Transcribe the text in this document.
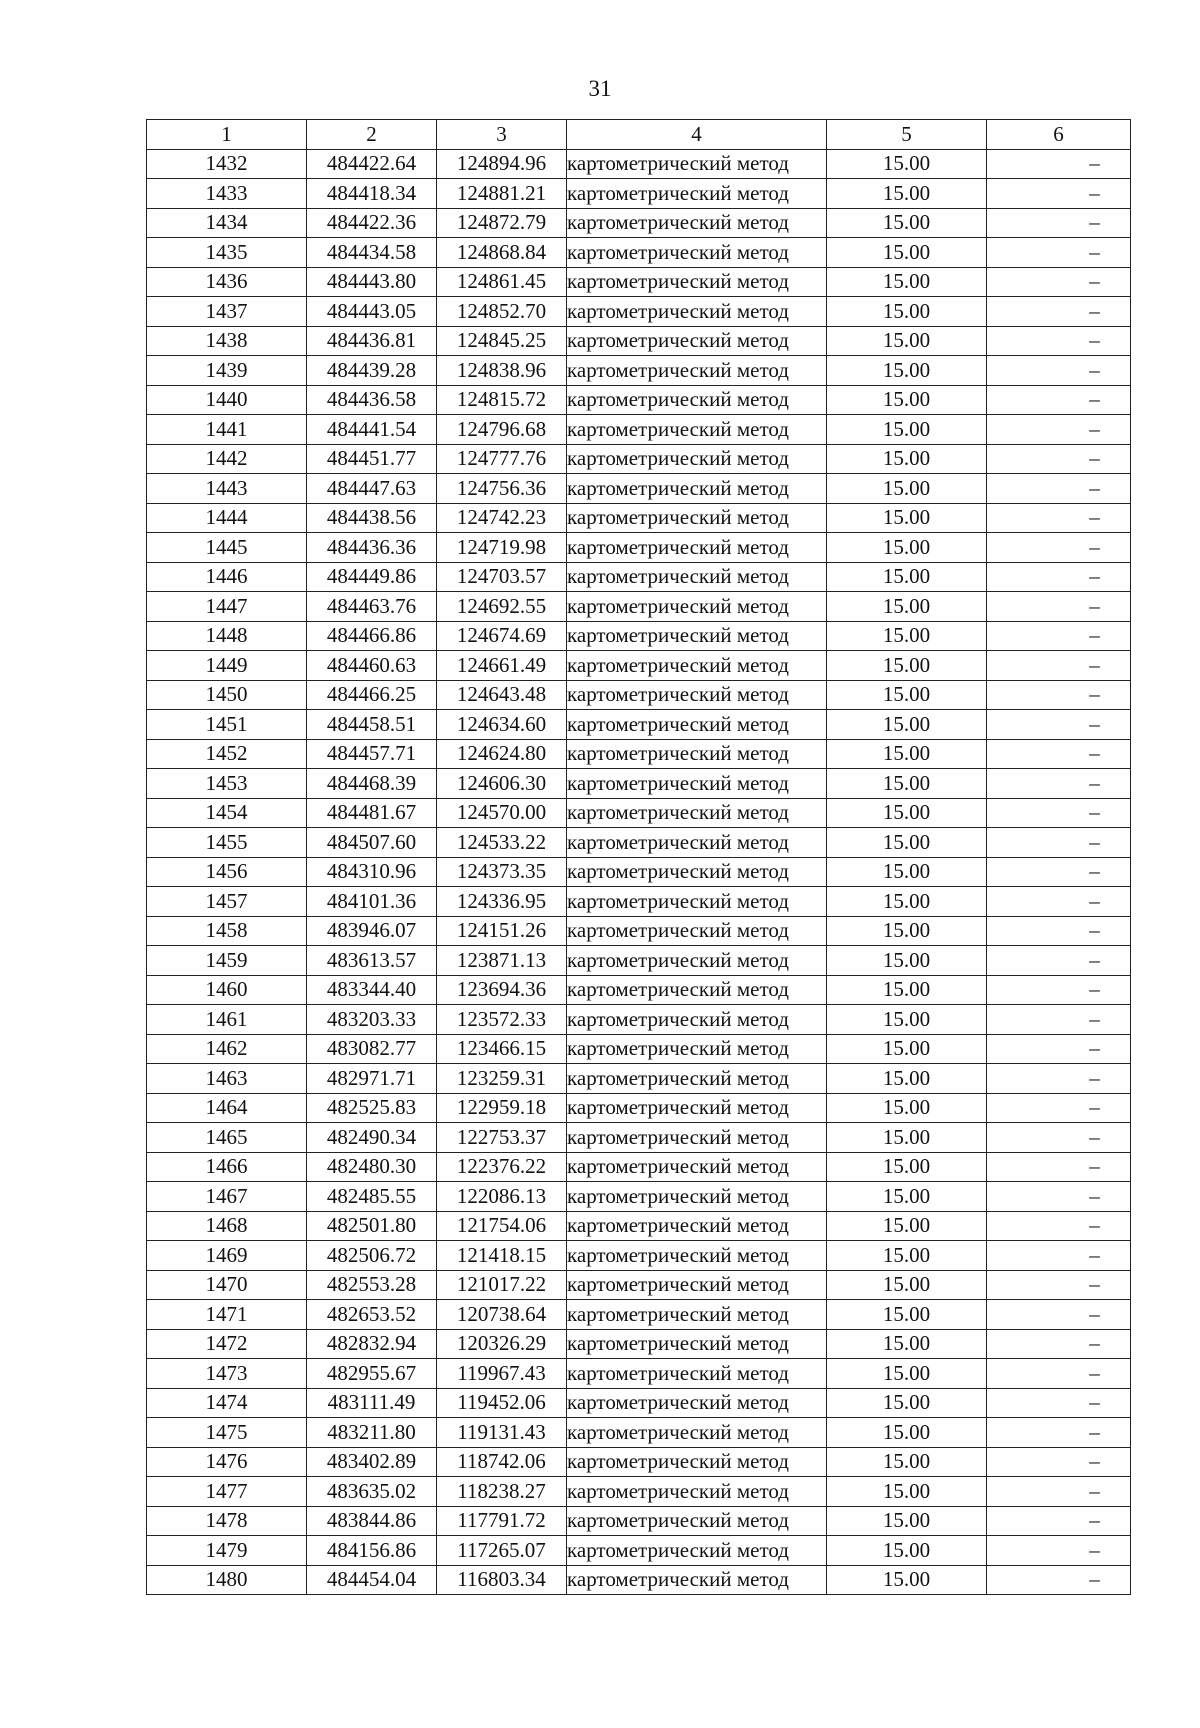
31
1	2	3	4	5	6
1432	484422.64	124894.96	картометрический метод	15.00	–
1433	484418.34	124881.21	картометрический метод	15.00	–
1434	484422.36	124872.79	картометрический метод	15.00	–
1435	484434.58	124868.84	картометрический метод	15.00	–
1436	484443.80	124861.45	картометрический метод	15.00	–
1437	484443.05	124852.70	картометрический метод	15.00	–
1438	484436.81	124845.25	картометрический метод	15.00	–
1439	484439.28	124838.96	картометрический метод	15.00	–
1440	484436.58	124815.72	картометрический метод	15.00	–
1441	484441.54	124796.68	картометрический метод	15.00	–
1442	484451.77	124777.76	картометрический метод	15.00	–
1443	484447.63	124756.36	картометрический метод	15.00	–
1444	484438.56	124742.23	картометрический метод	15.00	–
1445	484436.36	124719.98	картометрический метод	15.00	–
1446	484449.86	124703.57	картометрический метод	15.00	–
1447	484463.76	124692.55	картометрический метод	15.00	–
1448	484466.86	124674.69	картометрический метод	15.00	–
1449	484460.63	124661.49	картометрический метод	15.00	–
1450	484466.25	124643.48	картометрический метод	15.00	–
1451	484458.51	124634.60	картометрический метод	15.00	–
1452	484457.71	124624.80	картометрический метод	15.00	–
1453	484468.39	124606.30	картометрический метод	15.00	–
1454	484481.67	124570.00	картометрический метод	15.00	–
1455	484507.60	124533.22	картометрический метод	15.00	–
1456	484310.96	124373.35	картометрический метод	15.00	–
1457	484101.36	124336.95	картометрический метод	15.00	–
1458	483946.07	124151.26	картометрический метод	15.00	–
1459	483613.57	123871.13	картометрический метод	15.00	–
1460	483344.40	123694.36	картометрический метод	15.00	–
1461	483203.33	123572.33	картометрический метод	15.00	–
1462	483082.77	123466.15	картометрический метод	15.00	–
1463	482971.71	123259.31	картометрический метод	15.00	–
1464	482525.83	122959.18	картометрический метод	15.00	–
1465	482490.34	122753.37	картометрический метод	15.00	–
1466	482480.30	122376.22	картометрический метод	15.00	–
1467	482485.55	122086.13	картометрический метод	15.00	–
1468	482501.80	121754.06	картометрический метод	15.00	–
1469	482506.72	121418.15	картометрический метод	15.00	–
1470	482553.28	121017.22	картометрический метод	15.00	–
1471	482653.52	120738.64	картометрический метод	15.00	–
1472	482832.94	120326.29	картометрический метод	15.00	–
1473	482955.67	119967.43	картометрический метод	15.00	–
1474	483111.49	119452.06	картометрический метод	15.00	–
1475	483211.80	119131.43	картометрический метод	15.00	–
1476	483402.89	118742.06	картометрический метод	15.00	–
1477	483635.02	118238.27	картометрический метод	15.00	–
1478	483844.86	117791.72	картометрический метод	15.00	–
1479	484156.86	117265.07	картометрический метод	15.00	–
1480	484454.04	116803.34	картометрический метод	15.00	–
